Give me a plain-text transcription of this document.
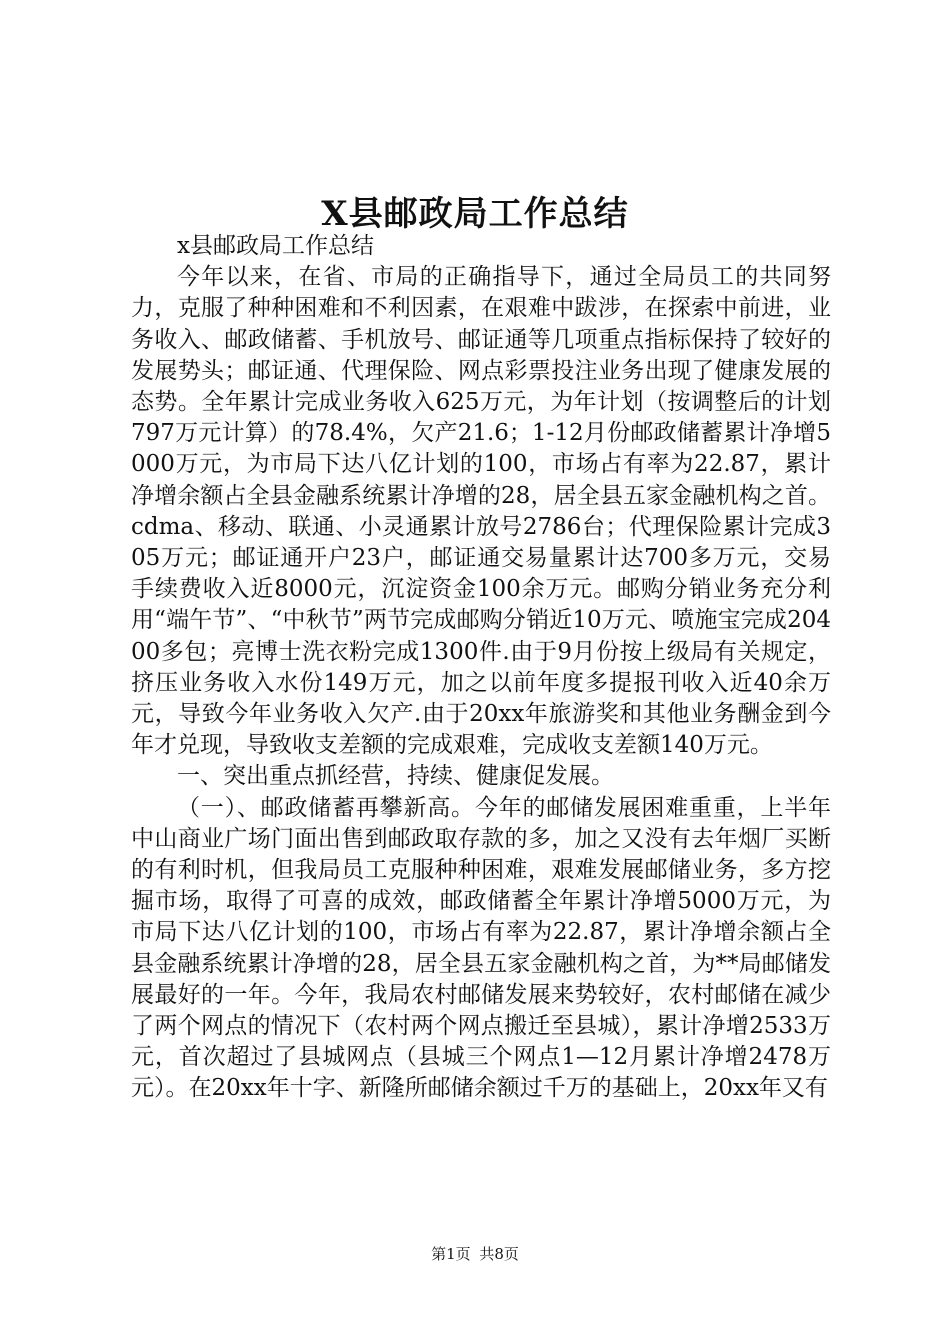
X县邮政局工作总结

x县邮政局工作总结

今年以来，在省、市局的正确指导下，通过全局员工的共同努力，克服了种种困难和不利因素，在艰难中跋涉，在探索中前进，业务收入、邮政储蓄、手机放号、邮证通等几项重点指标保持了较好的发展势头；邮证通、代理保险、网点彩票投注业务出现了健康发展的态势。全年累计完成业务收入625万元，为年计划（按调整后的计划797万元计算）的78.4%，欠产21.6；1-12月份邮政储蓄累计净增5000万元，为市局下达八亿计划的100，市场占有率为22.87，累计净增余额占全县金融系统累计净增的28，居全县五家金融机构之首。cdma、移动、联通、小灵通累计放号2786台；代理保险累计完成305万元；邮证通开户23户，邮证通交易量累计达700多万元，交易手续费收入近8000元，沉淀资金100余万元。邮购分销业务充分利用“端午节”、“中秋节”两节完成邮购分销近10万元、喷施宝完成20400多包；亮博士洗衣粉完成1300件.由于9月份按上级局有关规定，挤压业务收入水份149万元，加之以前年度多提报刊收入近40余万元，导致今年业务收入欠产.由于20xx年旅游奖和其他业务酬金到今年才兑现，导致收支差额的完成艰难，完成收支差额140万元。

一、突出重点抓经营，持续、健康促发展。

（一）、邮政储蓄再攀新高。今年的邮储发展困难重重，上半年中山商业广场门面出售到邮政取存款的多，加之又没有去年烟厂买断的有利时机，但我局员工克服种种困难，艰难发展邮储业务，多方挖掘市场，取得了可喜的成效，邮政储蓄全年累计净增5000万元，为市局下达八亿计划的100，市场占有率为22.87，累计净增余额占全县金融系统累计净增的28，居全县五家金融机构之首，为**局邮储发展最好的一年。今年，我局农村邮储发展来势较好，农村邮储在减少了两个网点的情况下（农村两个网点搬迁至县城），累计净增2533万元，首次超过了县城网点（县城三个网点1—12月累计净增2478万元）。在20xx年十字、新隆所邮储余额过千万的基础上，20xx年又有

第1页 共8页
